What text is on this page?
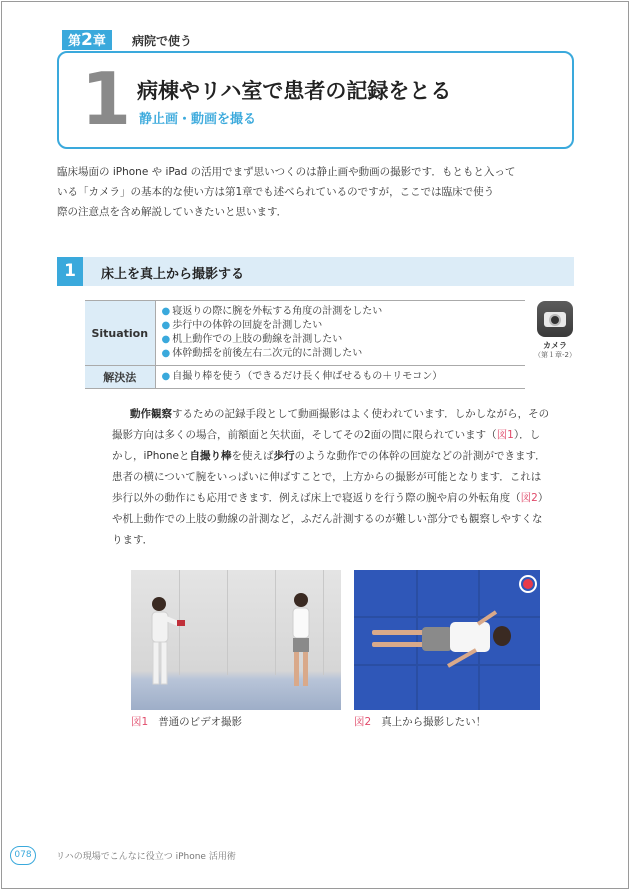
第2章	病院で使う
1 病棟やリハ室で患者の記録をとる
静止画・動画を撮る
臨床場面の iPhone や iPad の活用でまず思いつくのは静止画や動画の撮影です．もともと入って
いる「カメラ」の基本的な使い方は第1章でも述べられているのですが，ここでは臨床で使う
際の注意点を含め解説していきたいと思います．
1	床上を真上から撮影する
Situation	● 寝返りの際に腕を外転する角度の計測をしたい
● 歩行中の体幹の回旋を計測したい
● 机上動作での上肢の動線を計測したい
● 体幹動揺を前後左右二次元的に計測したい

解決法	● 自撮り棒を使う（できるだけ長く伸ばせるもの＋リモコン）
カメラ
（第１章-2）
動作観察するための記録手段として動画撮影はよく使われています．しかしながら，その
撮影方向は多くの場合，前額面と矢状面，そしてその2面の間に限られています（図1）．し
かし，iPhoneと自撮り棒を使えば歩行のような動作での体幹の回旋などの計測ができます．
患者の横について腕をいっぱいに伸ばすことで，上方からの撮影が可能となります．これは
歩行以外の動作にも応用できます．例えば床上で寝返りを行う際の腕や肩の外転角度（図2）
や机上動作での上肢の動線の計測など，ふだん計測するのが難しい部分でも観察しやすくな
ります．
図1 普通のビデオ撮影	図2 真上から撮影したい！
078	リハの現場でこんなに役立つ iPhone 活用術
